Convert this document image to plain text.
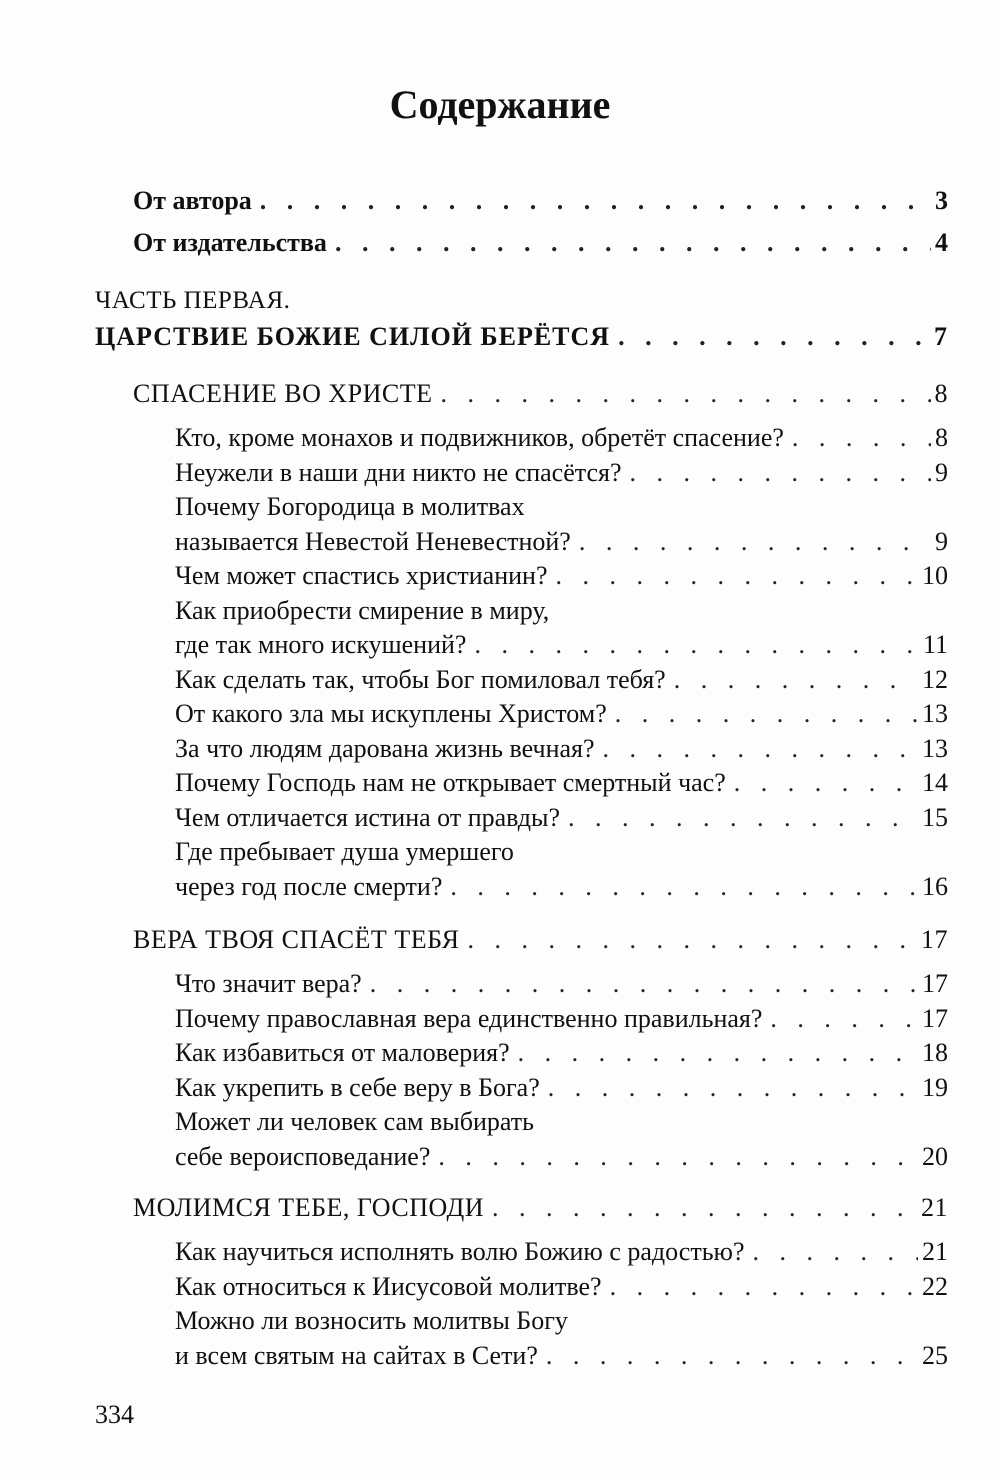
Содержание
От автора . . .	3
От издательства . . .	4
ЧАСТЬ ПЕРВАЯ.
ЦАРСТВИЕ БОЖИЕ СИЛОЙ БЕРЁТСЯ . . .	7
СПАСЕНИЕ ВО ХРИСТЕ . . .	8
Кто, кроме монахов и подвижников, обретёт спасение? . . .	8
Неужели в наши дни никто не спасётся? . . .	9
Почему Богородица в молитвах
называется Невестой Неневестной? . . .	9
Чем может спастись христианин? . . .	10
Как приобрести смирение в миру,
где так много искушений? . . .	11
Как сделать так, чтобы Бог помиловал тебя? . . .	12
От какого зла мы искуплены Христом? . . .	13
За что людям дарована жизнь вечная? . . .	13
Почему Господь нам не открывает смертный час? . . .	14
Чем отличается истина от правды? . . .	15
Где пребывает душа умершего
через год после смерти? . . .	16
ВЕРА ТВОЯ СПАСЁТ ТЕБЯ . . .	17
Что значит вера? . . .	17
Почему православная вера единственно правильная? . . .	17
Как избавиться от маловерия? . . .	18
Как укрепить в себе веру в Бога? . . .	19
Может ли человек сам выбирать
себе вероисповедание? . . .	20
МОЛИМСЯ ТЕБЕ, ГОСПОДИ . . .	21
Как научиться исполнять волю Божию с радостью? . . .	21
Как относиться к Иисусовой молитве? . . .	22
Можно ли возносить молитвы Богу
и всем святым на сайтах в Сети? . . .	25
334
